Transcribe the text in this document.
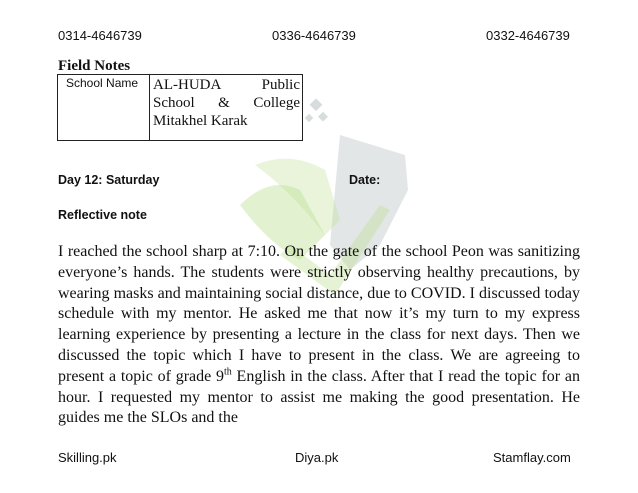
0314-4646739	0336-4646739	0332-4646739
Field Notes
School Name	AL-HUDA Public School & College Mitakhel Karak
Day 12: Saturday	Date:
Reflective note

I reached the school sharp at 7:10. On the gate of the school Peon was sanitizing everyone’s hands. The students were strictly observing healthy precautions, by wearing masks and maintaining social distance, due to COVID. I discussed today schedule with my mentor. He asked me that now it’s my turn to my express learning experience by presenting a lecture in the class for next days. Then we discussed the topic which I have to present in the class. We are agreeing to present a topic of grade 9th English in the class. After that I read the topic for an hour. I requested my mentor to assist me making the good presentation. He guides me the SLOs and the

Skilling.pk	Diya.pk	Stamflay.com
